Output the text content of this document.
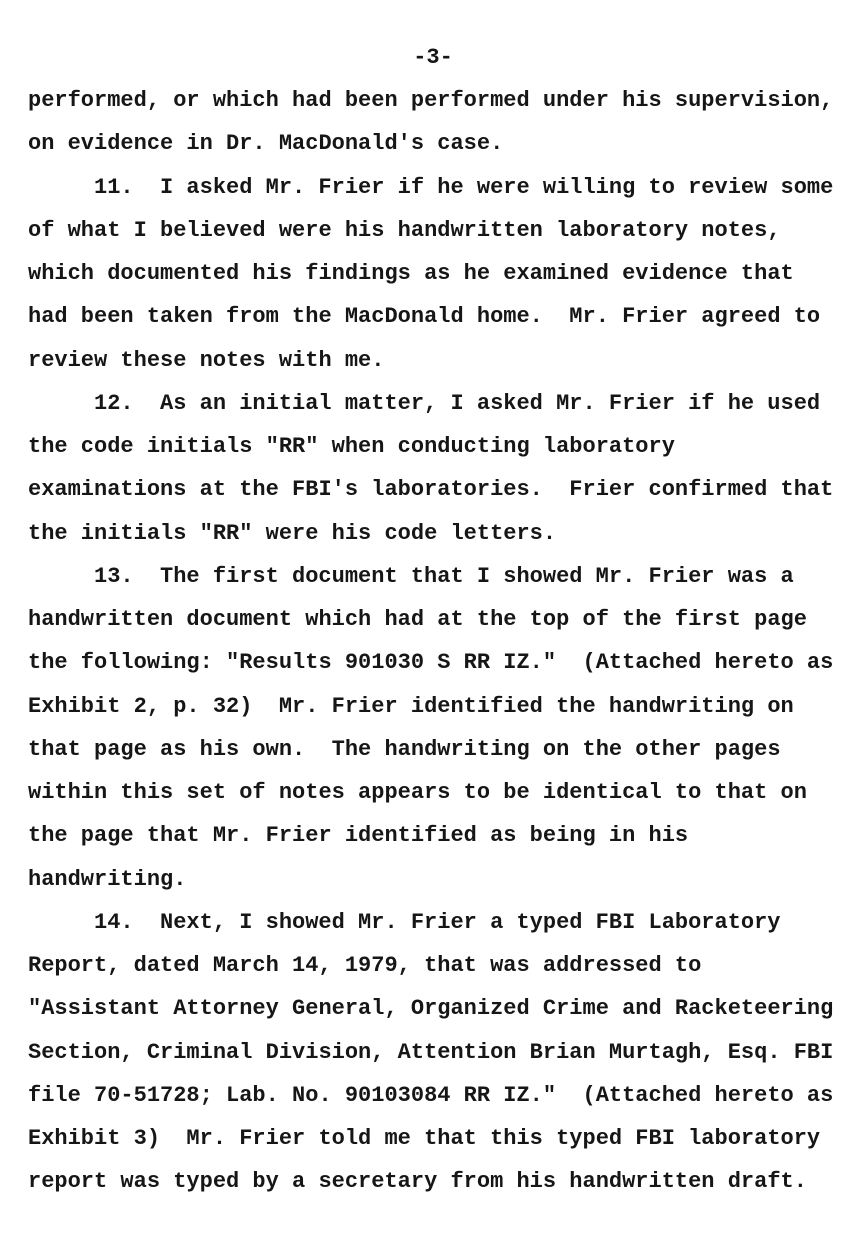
-3-
performed, or which had been performed under his supervision,
on evidence in Dr. MacDonald's case.
11.  I asked Mr. Frier if he were willing to review some
of what I believed were his handwritten laboratory notes,
which documented his findings as he examined evidence that
had been taken from the MacDonald home.  Mr. Frier agreed to
review these notes with me.
12.  As an initial matter, I asked Mr. Frier if he used
the code initials "RR" when conducting laboratory
examinations at the FBI's laboratories.  Frier confirmed that
the initials "RR" were his code letters.
13.  The first document that I showed Mr. Frier was a
handwritten document which had at the top of the first page
the following: "Results 901030 S RR IZ."  (Attached hereto as
Exhibit 2, p. 32)  Mr. Frier identified the handwriting on
that page as his own.  The handwriting on the other pages
within this set of notes appears to be identical to that on
the page that Mr. Frier identified as being in his
handwriting.
14.  Next, I showed Mr. Frier a typed FBI Laboratory
Report, dated March 14, 1979, that was addressed to
"Assistant Attorney General, Organized Crime and Racketeering
Section, Criminal Division, Attention Brian Murtagh, Esq. FBI
file 70-51728; Lab. No. 90103084 RR IZ."  (Attached hereto as
Exhibit 3)  Mr. Frier told me that this typed FBI laboratory
report was typed by a secretary from his handwritten draft.
